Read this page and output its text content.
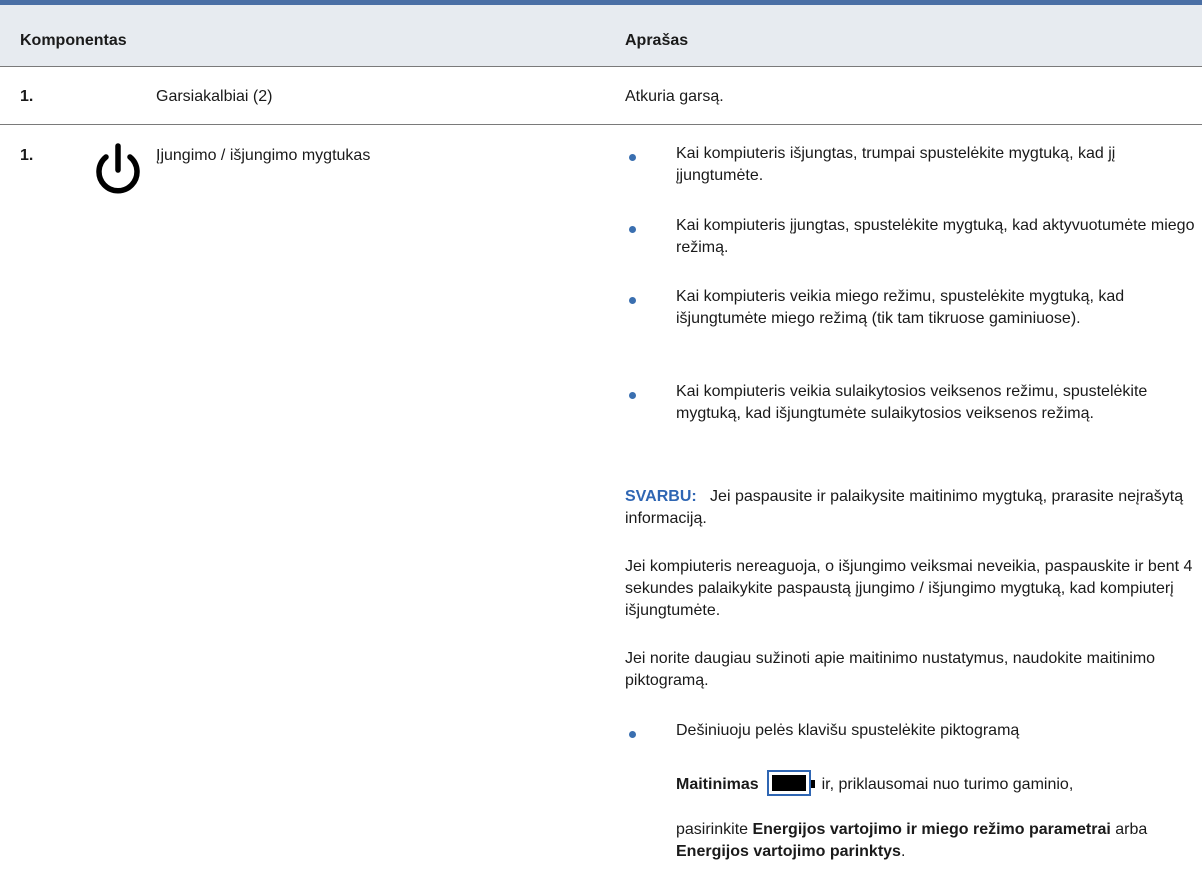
Komponentas	Aprašas
1.	Garsiakalbiai (2)	Atkuria garsą.
1.	Įjungimo / išjungimo mygtukas	Kai kompiuteris išjungtas, trumpai spustelėkite mygtuką, kad jį įjungtumėte.
Kai kompiuteris įjungtas, spustelėkite mygtuką, kad aktyvuotumėte miego režimą.
Kai kompiuteris veikia miego režimu, spustelėkite mygtuką, kad išjungtumėte miego režimą (tik tam tikruose gaminiuose).
Kai kompiuteris veikia sulaikytosios veiksenos režimu, spustelėkite mygtuką, kad išjungtumėte sulaikytosios veiksenos režimą.
SVARBU: Jei paspausite ir palaikysite maitinimo mygtuką, prarasite neįrašytą informaciją.
Jei kompiuteris nereaguoja, o išjungimo veiksmai neveikia, paspauskite ir bent 4 sekundes palaikykite paspaustą įjungimo / išjungimo mygtuką, kad kompiuterį išjungtumėte.
Jei norite daugiau sužinoti apie maitinimo nustatymus, naudokite maitinimo piktogramą.
Dešiniuoju pelės klavišu spustelėkite piktogramą
Maitinimas	ir, priklausomai nuo turimo gaminio,
pasirinkite Energijos vartojimo ir miego režimo parametrai arba Energijos vartojimo parinktys.
